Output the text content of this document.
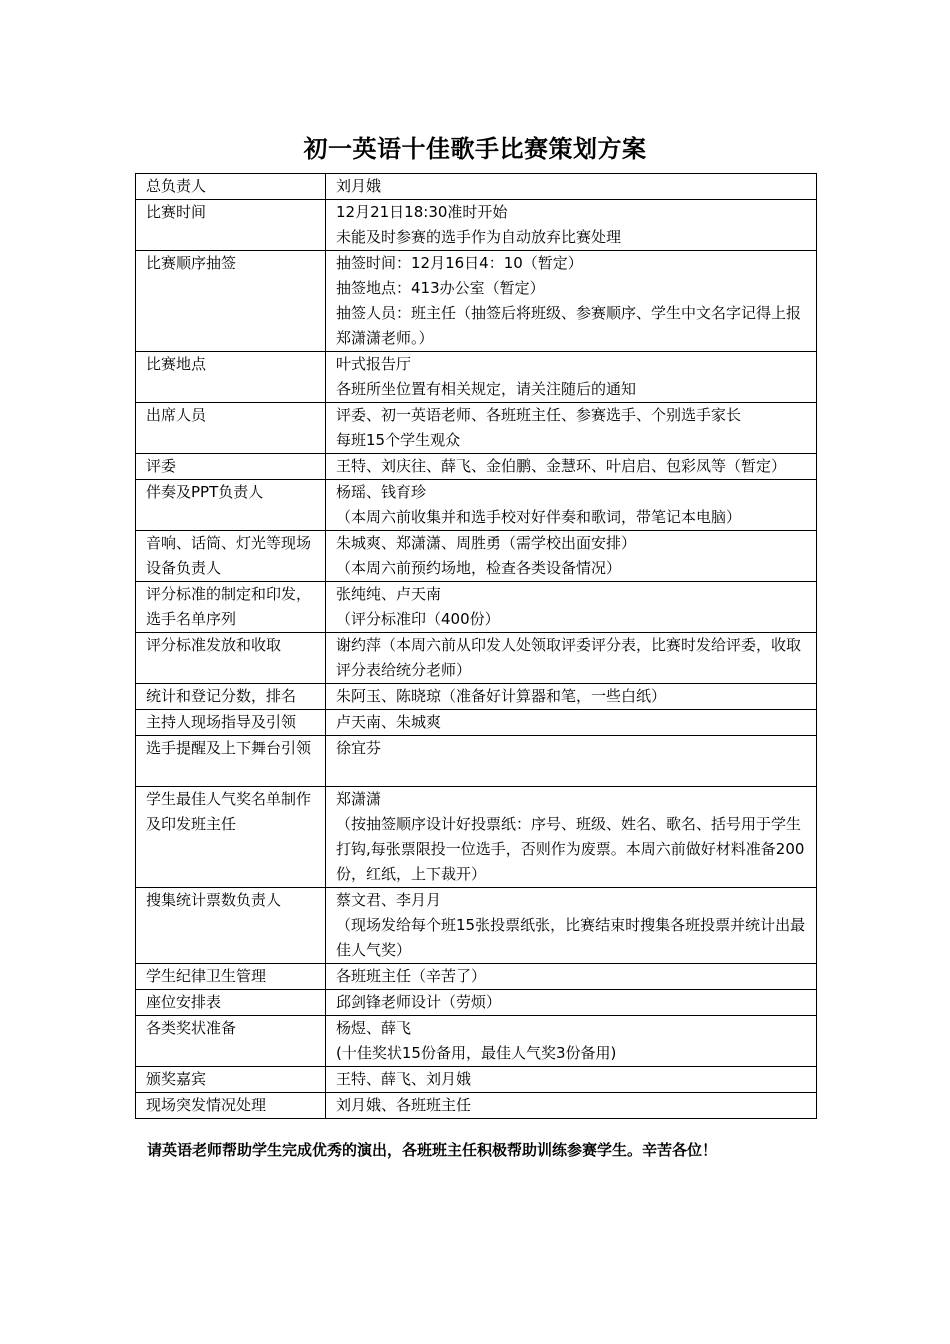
初一英语十佳歌手比赛策划方案
总负责人	刘月娥

比赛时间	12月21日18:30准时开始
未能及时参赛的选手作为自动放弃比赛处理

比赛顺序抽签	抽签时间：12月16日4：10（暂定）
抽签地点：413办公室（暂定）
抽签人员：班主任（抽签后将班级、参赛顺序、学生中文名字记得上报郑潇潇老师。）

比赛地点	叶式报告厅
各班所坐位置有相关规定，请关注随后的通知

出席人员	评委、初一英语老师、各班班主任、参赛选手、个别选手家长
每班15个学生观众

评委	王特、刘庆往、薛飞、金伯鹏、金慧环、叶启启、包彩凤等（暂定）

伴奏及PPT负责人	杨瑶、钱育珍
（本周六前收集并和选手校对好伴奏和歌词，带笔记本电脑）

音响、话筒、灯光等现场设备负责人	朱城爽、郑潇潇、周胜勇（需学校出面安排）
（本周六前预约场地，检查各类设备情况）

评分标准的制定和印发，选手名单序列	张纯纯、卢天南
（评分标准印（400份）

评分标准发放和收取	谢约萍（本周六前从印发人处领取评委评分表，比赛时发给评委，收取评分表给统分老师）

统计和登记分数，排名	朱阿玉、陈晓琼（准备好计算器和笔，一些白纸）

主持人现场指导及引领	卢天南、朱城爽

选手提醒及上下舞台引领	徐宜芬

学生最佳人气奖名单制作及印发班主任	郑潇潇
（按抽签顺序设计好投票纸：序号、班级、姓名、歌名、括号用于学生打钩,每张票限投一位选手，否则作为废票。本周六前做好材料准备200份，红纸，上下裁开）

搜集统计票数负责人	蔡文君、李月月
（现场发给每个班15张投票纸张，比赛结束时搜集各班投票并统计出最佳人气奖）

学生纪律卫生管理	各班班主任（辛苦了）

座位安排表	邱剑锋老师设计（劳烦）

各类奖状准备	杨煜、薛飞
(十佳奖状15份备用，最佳人气奖3份备用)

颁奖嘉宾	王特、薛飞、刘月娥

现场突发情况处理	刘月娥、各班班主任
请英语老师帮助学生完成优秀的演出，各班班主任积极帮助训练参赛学生。辛苦各位！
